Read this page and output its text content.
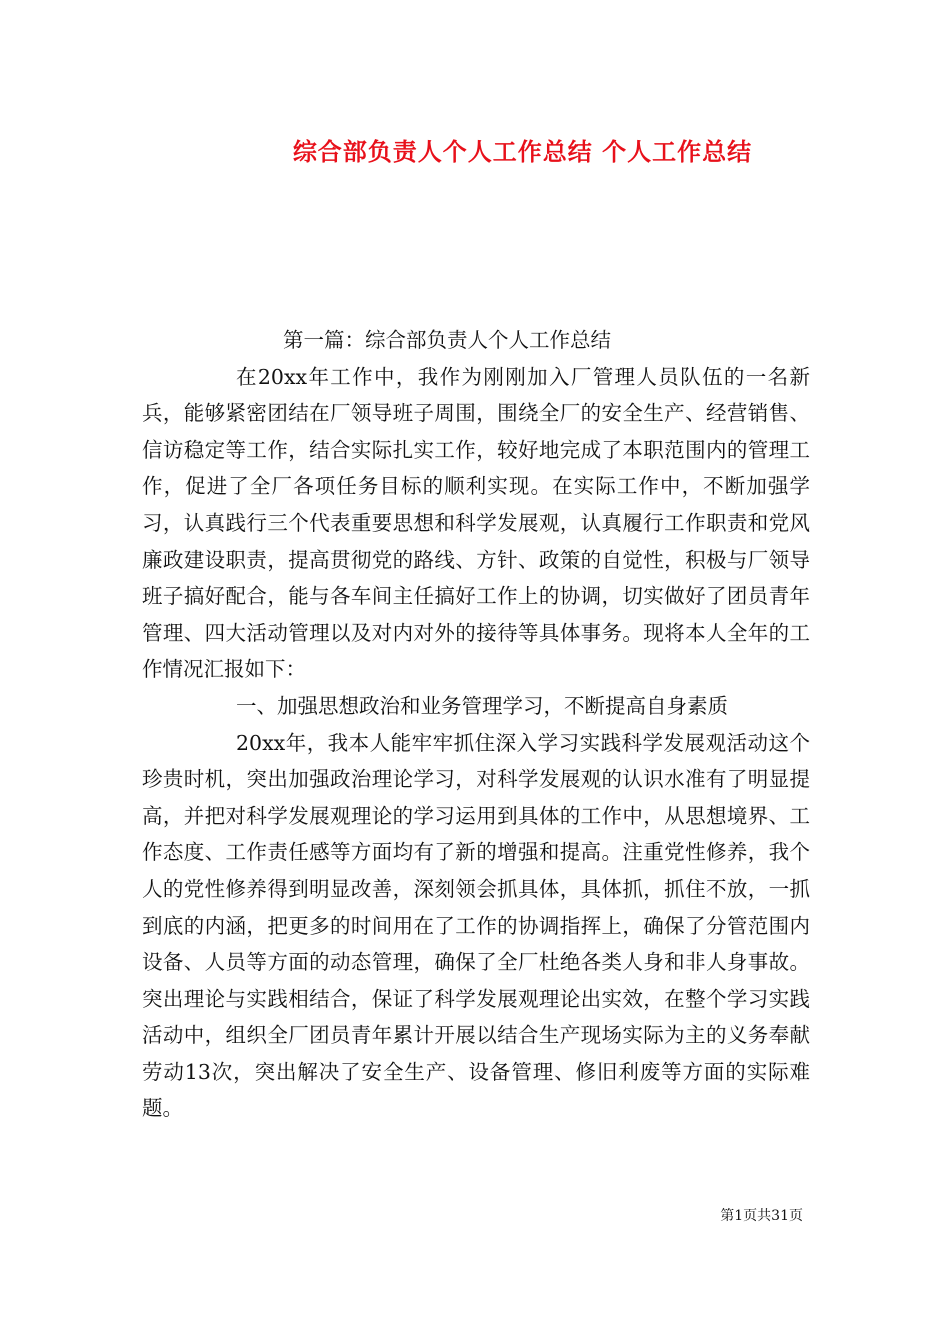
综合部负责人个人工作总结 个人工作总结

第一篇：综合部负责人个人工作总结

在20xx年工作中，我作为刚刚加入厂管理人员队伍的一名新兵，能够紧密团结在厂领导班子周围，围绕全厂的安全生产、经营销售、信访稳定等工作，结合实际扎实工作，较好地完成了本职范围内的管理工作，促进了全厂各项任务目标的顺利实现。在实际工作中，不断加强学习，认真践行三个代表重要思想和科学发展观，认真履行工作职责和党风廉政建设职责，提高贯彻党的路线、方针、政策的自觉性，积极与厂领导班子搞好配合，能与各车间主任搞好工作上的协调，切实做好了团员青年管理、四大活动管理以及对内对外的接待等具体事务。现将本人全年的工作情况汇报如下：

一、加强思想政治和业务管理学习，不断提高自身素质

20xx年，我本人能牢牢抓住深入学习实践科学发展观活动这个珍贵时机，突出加强政治理论学习，对科学发展观的认识水准有了明显提高，并把对科学发展观理论的学习运用到具体的工作中，从思想境界、工作态度、工作责任感等方面均有了新的增强和提高。注重党性修养，我个人的党性修养得到明显改善，深刻领会抓具体，具体抓，抓住不放，一抓到底的内涵，把更多的时间用在了工作的协调指挥上，确保了分管范围内设备、人员等方面的动态管理，确保了全厂杜绝各类人身和非人身事故。突出理论与实践相结合，保证了科学发展观理论出实效，在整个学习实践活动中，组织全厂团员青年累计开展以结合生产现场实际为主的义务奉献劳动13次，突出解决了安全生产、设备管理、修旧利废等方面的实际难题。

第1页共31页
